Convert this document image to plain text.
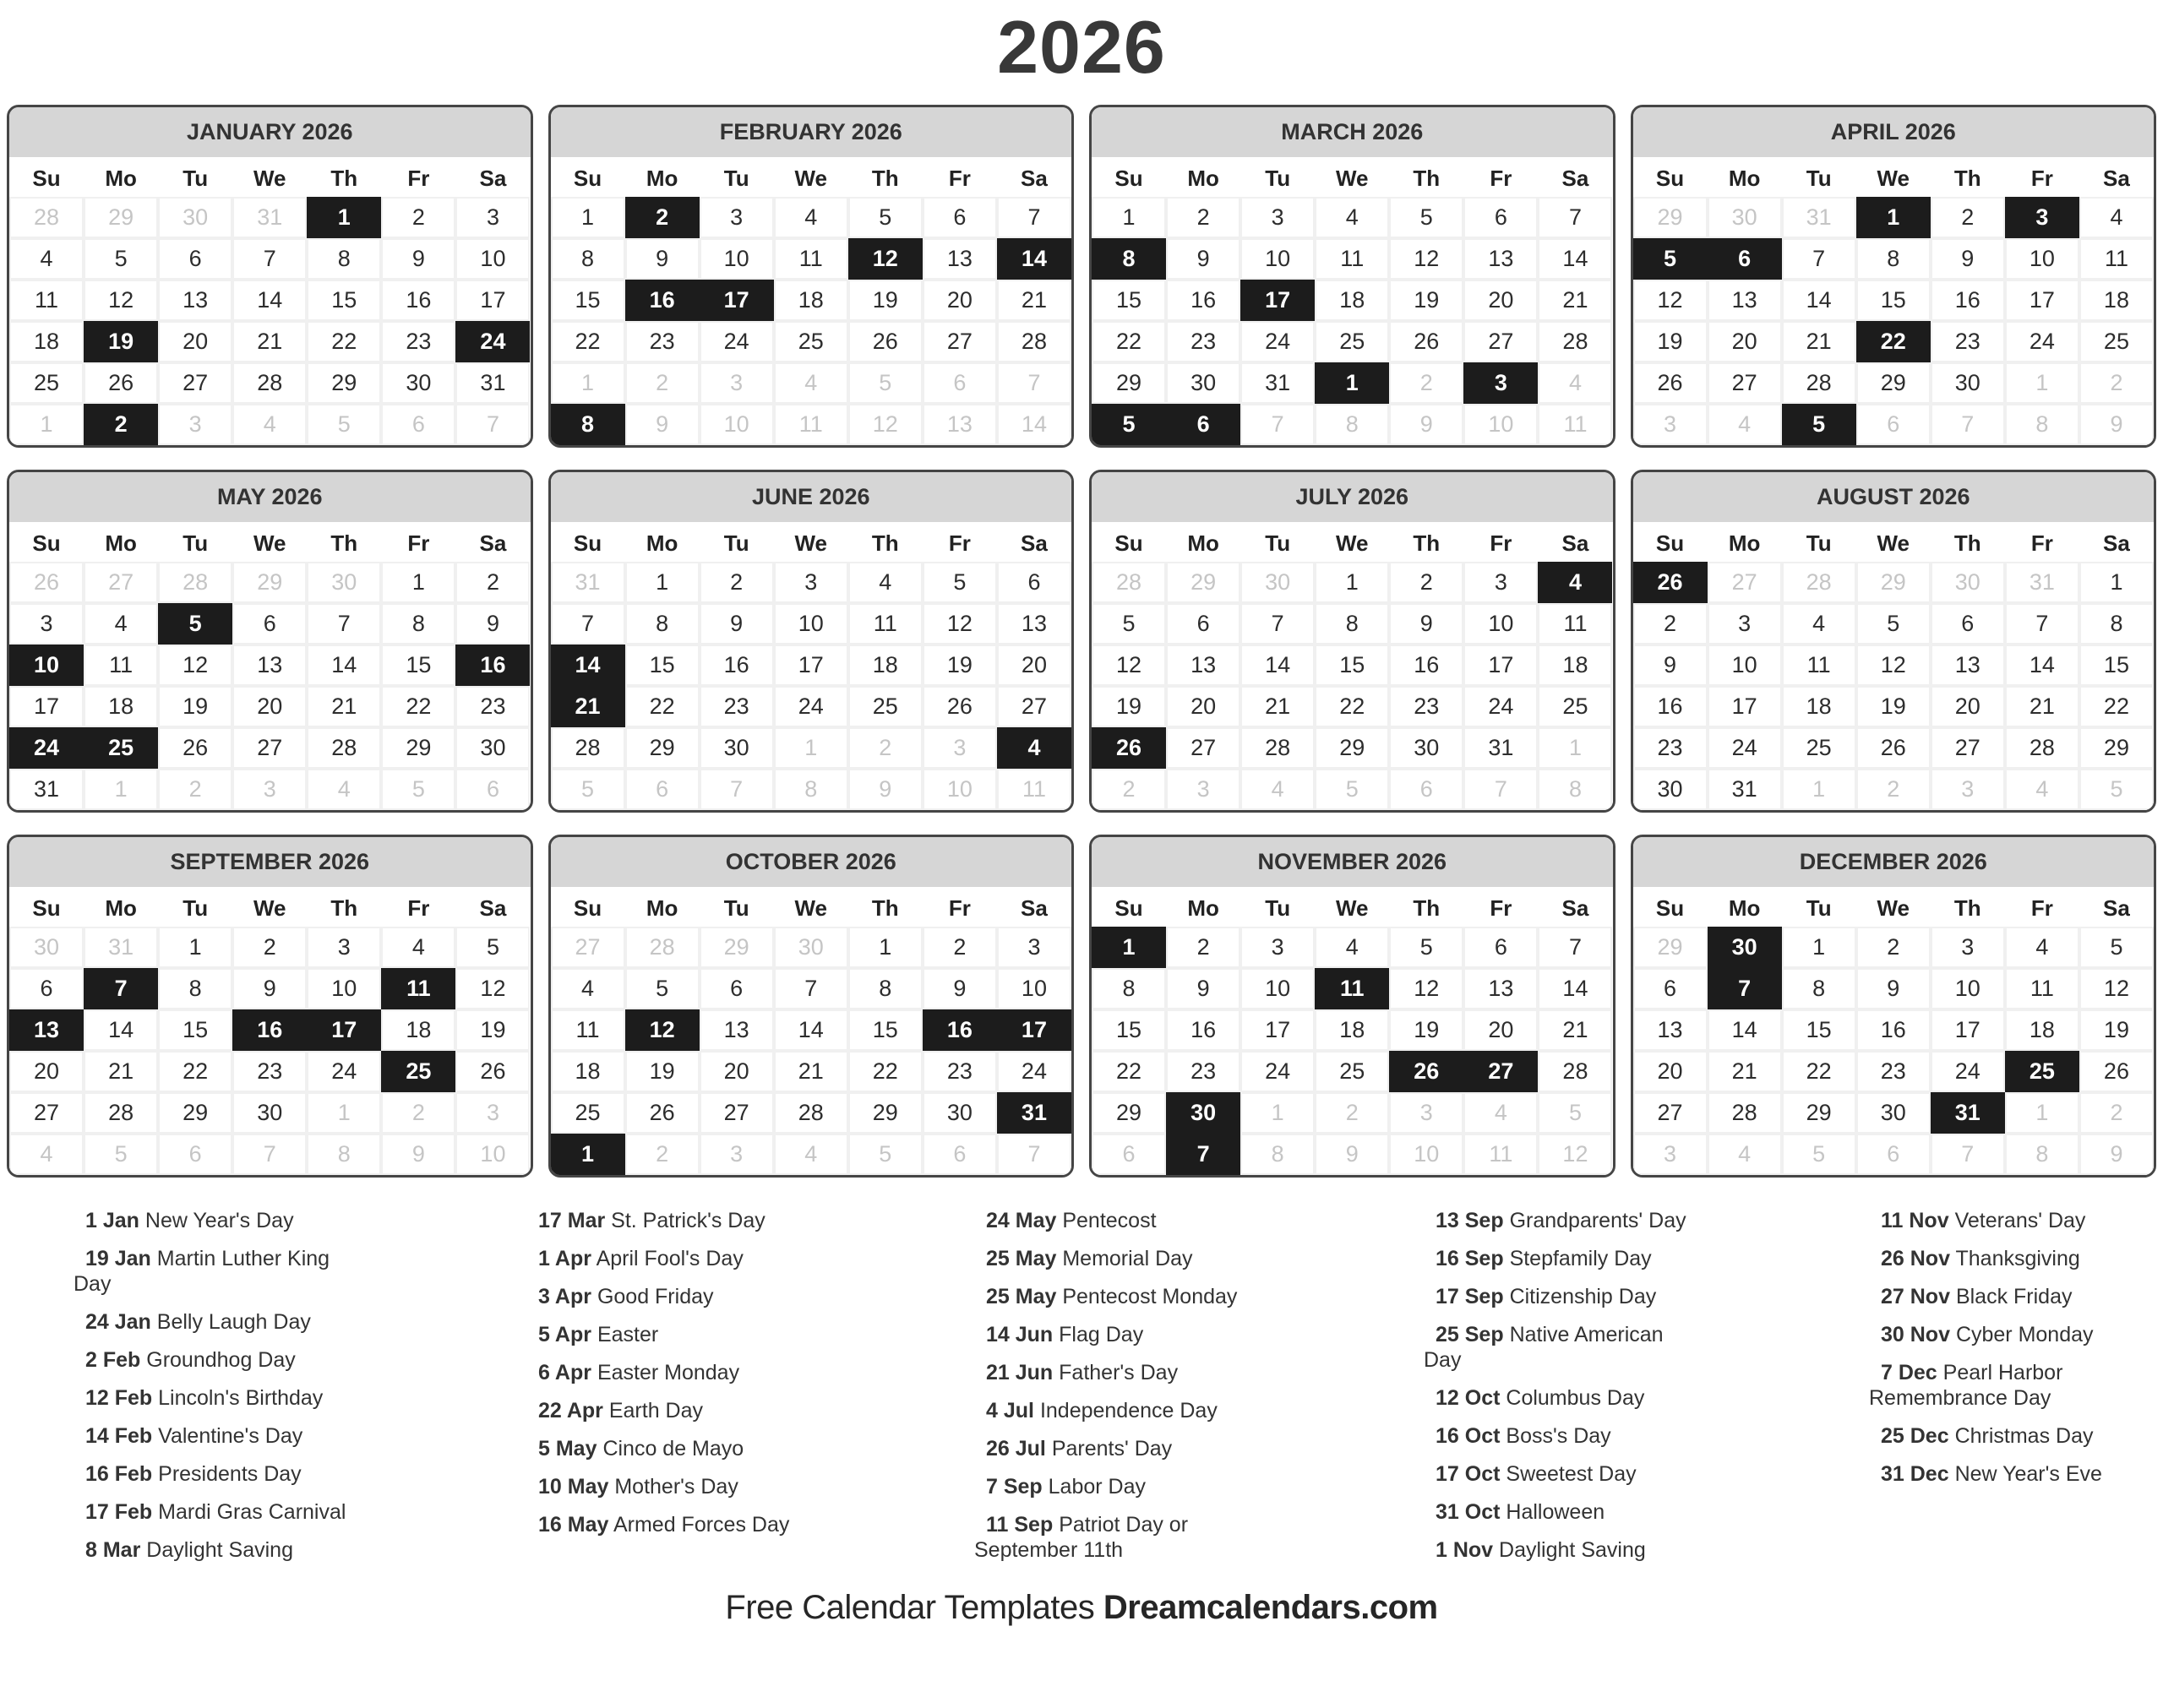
2026
JANUARY 2026
Su	Mo	Tu	We	Th	Fr	Sa
28	29	30	31	1	2	3
4	5	6	7	8	9	10
11	12	13	14	15	16	17
18	19	20	21	22	23	24
25	26	27	28	29	30	31
1	2	3	4	5	6	7
FEBRUARY 2026
Su	Mo	Tu	We	Th	Fr	Sa
1	2	3	4	5	6	7
8	9	10	11	12	13	14
15	16	17	18	19	20	21
22	23	24	25	26	27	28
1	2	3	4	5	6	7
8	9	10	11	12	13	14
MARCH 2026
Su	Mo	Tu	We	Th	Fr	Sa
1	2	3	4	5	6	7
8	9	10	11	12	13	14
15	16	17	18	19	20	21
22	23	24	25	26	27	28
29	30	31	1	2	3	4
5	6	7	8	9	10	11
APRIL 2026
Su	Mo	Tu	We	Th	Fr	Sa
29	30	31	1	2	3	4
5	6	7	8	9	10	11
12	13	14	15	16	17	18
19	20	21	22	23	24	25
26	27	28	29	30	1	2
3	4	5	6	7	8	9
MAY 2026
Su	Mo	Tu	We	Th	Fr	Sa
26	27	28	29	30	1	2
3	4	5	6	7	8	9
10	11	12	13	14	15	16
17	18	19	20	21	22	23
24	25	26	27	28	29	30
31	1	2	3	4	5	6
JUNE 2026
Su	Mo	Tu	We	Th	Fr	Sa
31	1	2	3	4	5	6
7	8	9	10	11	12	13
14	15	16	17	18	19	20
21	22	23	24	25	26	27
28	29	30	1	2	3	4
5	6	7	8	9	10	11
JULY 2026
Su	Mo	Tu	We	Th	Fr	Sa
28	29	30	1	2	3	4
5	6	7	8	9	10	11
12	13	14	15	16	17	18
19	20	21	22	23	24	25
26	27	28	29	30	31	1
2	3	4	5	6	7	8
AUGUST 2026
Su	Mo	Tu	We	Th	Fr	Sa
26	27	28	29	30	31	1
2	3	4	5	6	7	8
9	10	11	12	13	14	15
16	17	18	19	20	21	22
23	24	25	26	27	28	29
30	31	1	2	3	4	5
SEPTEMBER 2026
Su	Mo	Tu	We	Th	Fr	Sa
30	31	1	2	3	4	5
6	7	8	9	10	11	12
13	14	15	16	17	18	19
20	21	22	23	24	25	26
27	28	29	30	1	2	3
4	5	6	7	8	9	10
OCTOBER 2026
Su	Mo	Tu	We	Th	Fr	Sa
27	28	29	30	1	2	3
4	5	6	7	8	9	10
11	12	13	14	15	16	17
18	19	20	21	22	23	24
25	26	27	28	29	30	31
1	2	3	4	5	6	7
NOVEMBER 2026
Su	Mo	Tu	We	Th	Fr	Sa
1	2	3	4	5	6	7
8	9	10	11	12	13	14
15	16	17	18	19	20	21
22	23	24	25	26	27	28
29	30	1	2	3	4	5
6	7	8	9	10	11	12
DECEMBER 2026
Su	Mo	Tu	We	Th	Fr	Sa
29	30	1	2	3	4	5
6	7	8	9	10	11	12
13	14	15	16	17	18	19
20	21	22	23	24	25	26
27	28	29	30	31	1	2
3	4	5	6	7	8	9
1 Jan New Year's Day
19 Jan Martin Luther King Day
24 Jan Belly Laugh Day
2 Feb Groundhog Day
12 Feb Lincoln's Birthday
14 Feb Valentine's Day
16 Feb Presidents Day
17 Feb Mardi Gras Carnival
8 Mar Daylight Saving
17 Mar St. Patrick's Day
1 Apr April Fool's Day
3 Apr Good Friday
5 Apr Easter
6 Apr Easter Monday
22 Apr Earth Day
5 May Cinco de Mayo
10 May Mother's Day
16 May Armed Forces Day
24 May Pentecost
25 May Memorial Day
25 May Pentecost Monday
14 Jun Flag Day
21 Jun Father's Day
4 Jul Independence Day
26 Jul Parents' Day
7 Sep Labor Day
11 Sep Patriot Day or September 11th
13 Sep Grandparents' Day
16 Sep Stepfamily Day
17 Sep Citizenship Day
25 Sep Native American Day
12 Oct Columbus Day
16 Oct Boss's Day
17 Oct Sweetest Day
31 Oct Halloween
1 Nov Daylight Saving
11 Nov Veterans' Day
26 Nov Thanksgiving
27 Nov Black Friday
30 Nov Cyber Monday
7 Dec Pearl Harbor Remembrance Day
25 Dec Christmas Day
31 Dec New Year's Eve
Free Calendar Templates Dreamcalendars.com
